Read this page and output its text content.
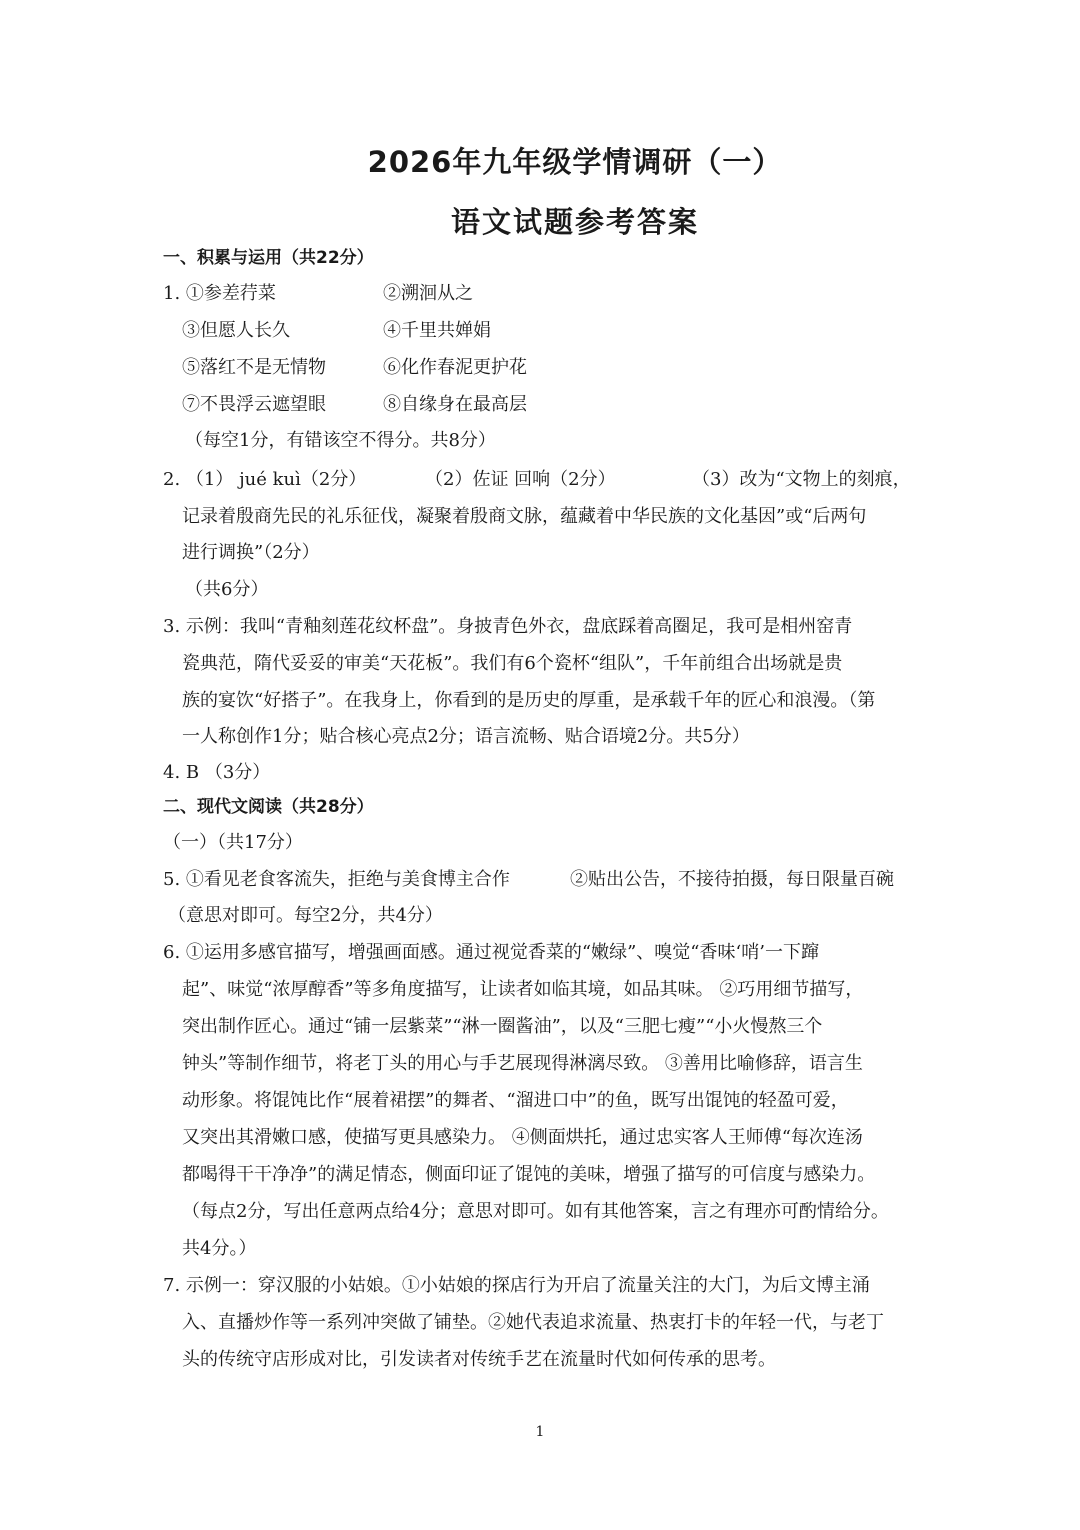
2026年九年级学情调研（一）
语文试题参考答案
一、积累与运用（共22分）
1. ①参差荇菜	②溯洄从之
③但愿人长久	④千里共婵娟
⑤落红不是无情物	⑥化作春泥更护花
⑦不畏浮云遮望眼	⑧自缘身在最高层
（每空1分，有错该空不得分。共8分）
2. （1） jué kuì（2分）	（2）佐证 回响（2分）	（3）改为“文物上的刻痕，
记录着殷商先民的礼乐征伐，凝聚着殷商文脉，蕴藏着中华民族的文化基因”或“后两句
进行调换”（2分）
（共6分）
3. 示例：我叫“青釉刻莲花纹杯盘”。身披青色外衣，盘底踩着高圈足，我可是相州窑青
瓷典范，隋代妥妥的审美“天花板”。我们有6个瓷杯“组队”，千年前组合出场就是贵
族的宴饮“好搭子”。在我身上，你看到的是历史的厚重，是承载千年的匠心和浪漫。（第
一人称创作1分；贴合核心亮点2分；语言流畅、贴合语境2分。共5分）
4. B （3分）
二、现代文阅读（共28分）
（一）（共17分）
5. ①看见老食客流失，拒绝与美食博主合作	②贴出公告，不接待拍摄，每日限量百碗
（意思对即可。每空2分，共4分）
6. ①运用多感官描写，增强画面感。通过视觉香菜的“嫩绿”、嗅觉“香味‘哨’一下蹿
起”、味觉“浓厚醇香”等多角度描写，让读者如临其境，如品其味。 ②巧用细节描写，
突出制作匠心。通过“铺一层紫菜”“淋一圈酱油”，以及“三肥七瘦”“小火慢熬三个
钟头”等制作细节，将老丁头的用心与手艺展现得淋漓尽致。 ③善用比喻修辞，语言生
动形象。将馄饨比作“展着裙摆”的舞者、“溜进口中”的鱼，既写出馄饨的轻盈可爱，
又突出其滑嫩口感，使描写更具感染力。 ④侧面烘托，通过忠实客人王师傅“每次连汤
都喝得干干净净”的满足情态，侧面印证了馄饨的美味，增强了描写的可信度与感染力。
（每点2分，写出任意两点给4分；意思对即可。如有其他答案，言之有理亦可酌情给分。
共4分。）
7. 示例一：穿汉服的小姑娘。①小姑娘的探店行为开启了流量关注的大门，为后文博主涌
入、直播炒作等一系列冲突做了铺垫。②她代表追求流量、热衷打卡的年轻一代，与老丁
头的传统守店形成对比，引发读者对传统手艺在流量时代如何传承的思考。
1
